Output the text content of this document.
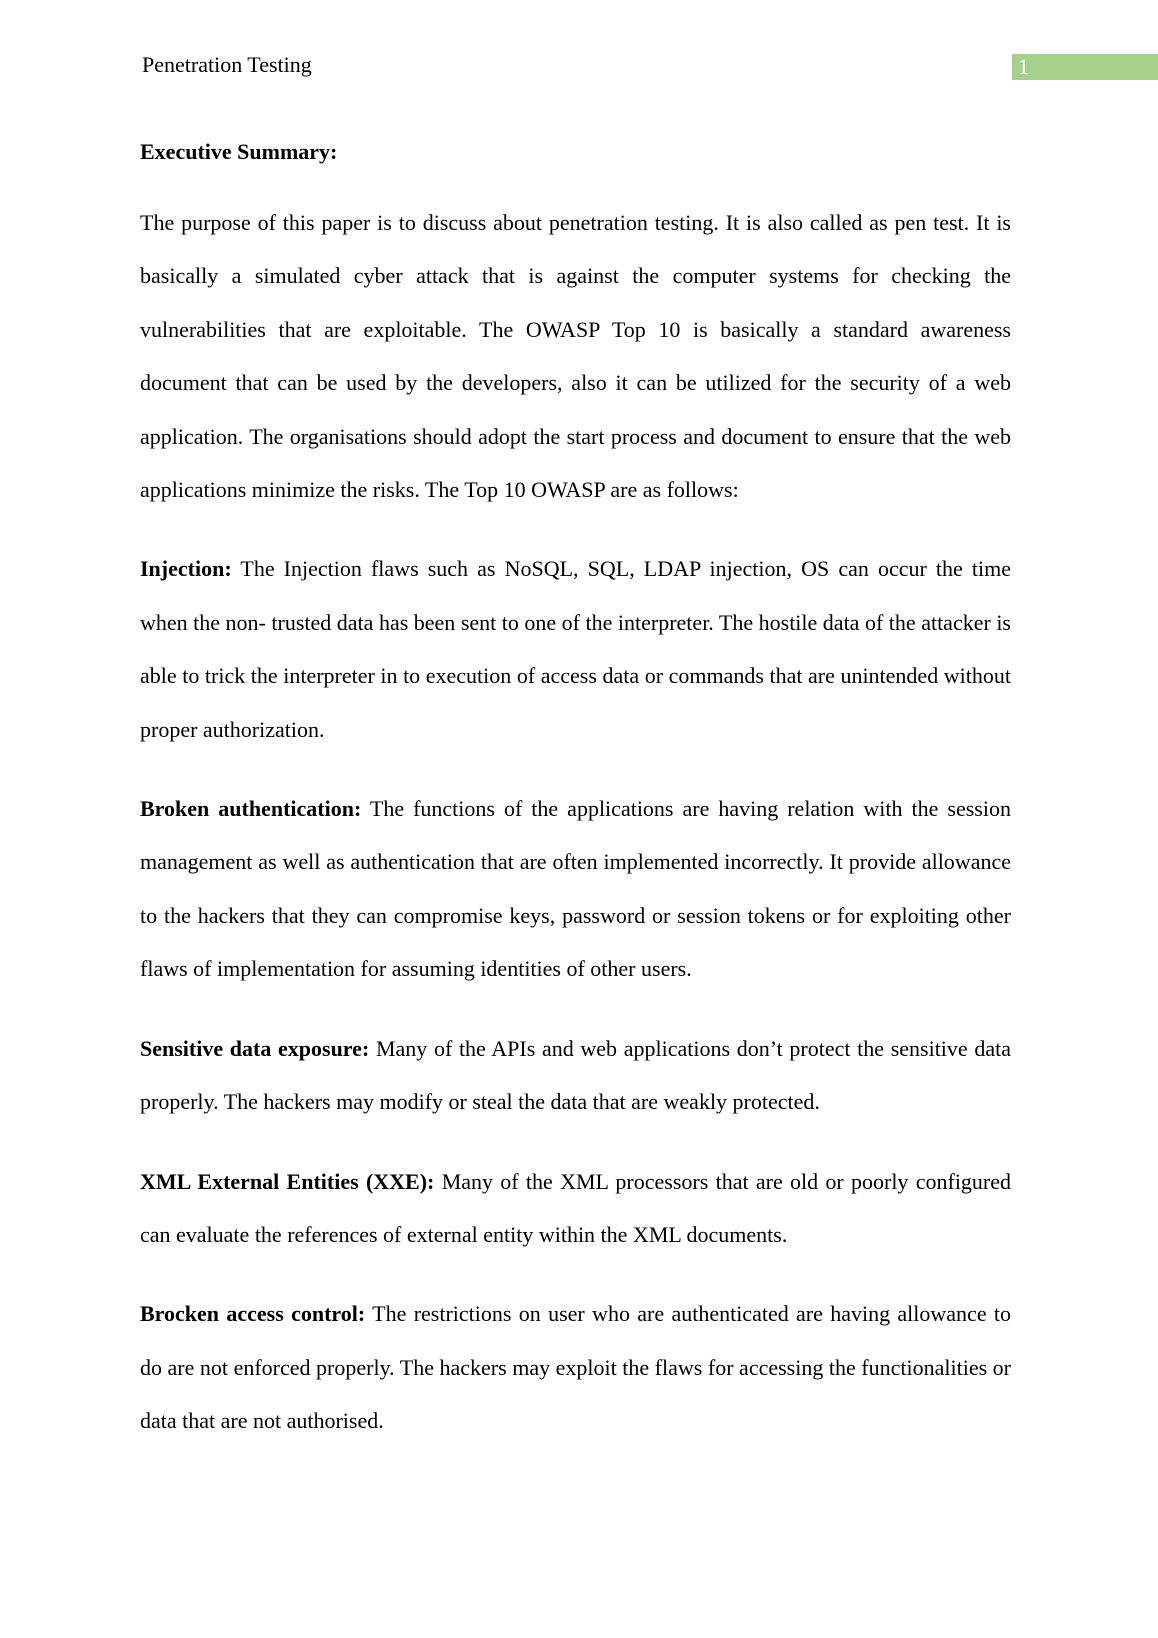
Penetration Testing	1

Executive Summary:

The purpose of this paper is to discuss about penetration testing. It is also called as pen test. It is basically a simulated cyber attack that is against the computer systems for checking the vulnerabilities that are exploitable. The OWASP Top 10 is basically a standard awareness document that can be used by the developers, also it can be utilized for the security of a web application. The organisations should adopt the start process and document to ensure that the web applications minimize the risks. The Top 10 OWASP are as follows:

Injection: The Injection flaws such as NoSQL, SQL, LDAP injection, OS can occur the time when the non- trusted data has been sent to one of the interpreter. The hostile data of the attacker is able to trick the interpreter in to execution of access data or commands that are unintended without proper authorization.

Broken authentication: The functions of the applications are having relation with the session management as well as authentication that are often implemented incorrectly. It provide allowance to the hackers that they can compromise keys, password or session tokens or for exploiting other flaws of implementation for assuming identities of other users.

Sensitive data exposure: Many of the APIs and web applications don’t protect the sensitive data properly. The hackers may modify or steal the data that are weakly protected.

XML External Entities (XXE): Many of the XML processors that are old or poorly configured can evaluate the references of external entity within the XML documents.

Brocken access control: The restrictions on user who are authenticated are having allowance to do are not enforced properly. The hackers may exploit the flaws for accessing the functionalities or data that are not authorised.
